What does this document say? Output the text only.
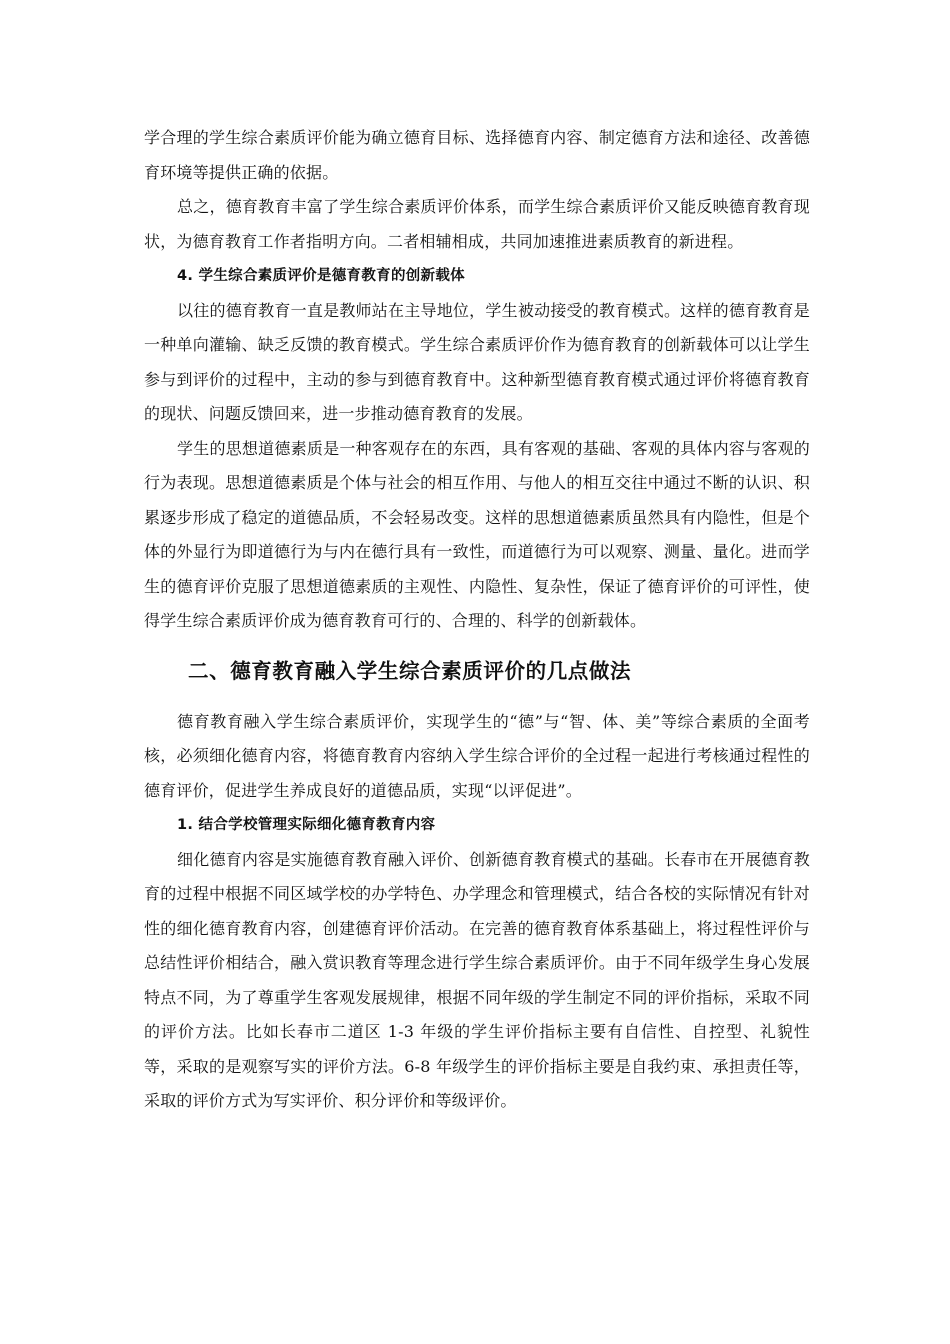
学合理的学生综合素质评价能为确立德育目标、选择德育内容、制定德育方法和途径、改善德育环境等提供正确的依据。

总之，德育教育丰富了学生综合素质评价体系，而学生综合素质评价又能反映德育教育现状，为德育教育工作者指明方向。二者相辅相成，共同加速推进素质教育的新进程。

4. 学生综合素质评价是德育教育的创新载体

以往的德育教育一直是教师站在主导地位，学生被动接受的教育模式。这样的德育教育是一种单向灌输、缺乏反馈的教育模式。学生综合素质评价作为德育教育的创新载体可以让学生参与到评价的过程中，主动的参与到德育教育中。这种新型德育教育模式通过评价将德育教育的现状、问题反馈回来，进一步推动德育教育的发展。

学生的思想道德素质是一种客观存在的东西，具有客观的基础、客观的具体内容与客观的行为表现。思想道德素质是个体与社会的相互作用、与他人的相互交往中通过不断的认识、积累逐步形成了稳定的道德品质，不会轻易改变。这样的思想道德素质虽然具有内隐性，但是个体的外显行为即道德行为与内在德行具有一致性，而道德行为可以观察、测量、量化。进而学生的德育评价克服了思想道德素质的主观性、内隐性、复杂性，保证了德育评价的可评性，使得学生综合素质评价成为德育教育可行的、合理的、科学的创新载体。

二、德育教育融入学生综合素质评价的几点做法

德育教育融入学生综合素质评价，实现学生的“德”与“智、体、美”等综合素质的全面考核，必须细化德育内容，将德育教育内容纳入学生综合评价的全过程一起进行考核通过程性的德育评价，促进学生养成良好的道德品质，实现“以评促进”。

1. 结合学校管理实际细化德育教育内容

细化德育内容是实施德育教育融入评价、创新德育教育模式的基础。长春市在开展德育教育的过程中根据不同区域学校的办学特色、办学理念和管理模式，结合各校的实际情况有针对性的细化德育教育内容，创建德育评价活动。在完善的德育教育体系基础上，将过程性评价与总结性评价相结合，融入赏识教育等理念进行学生综合素质评价。由于不同年级学生身心发展特点不同，为了尊重学生客观发展规律，根据不同年级的学生制定不同的评价指标，采取不同的评价方法。比如长春市二道区 1-3 年级的学生评价指标主要有自信性、自控型、礼貌性等，采取的是观察写实的评价方法。6-8 年级学生的评价指标主要是自我约束、承担责任等，采取的评价方式为写实评价、积分评价和等级评价。
